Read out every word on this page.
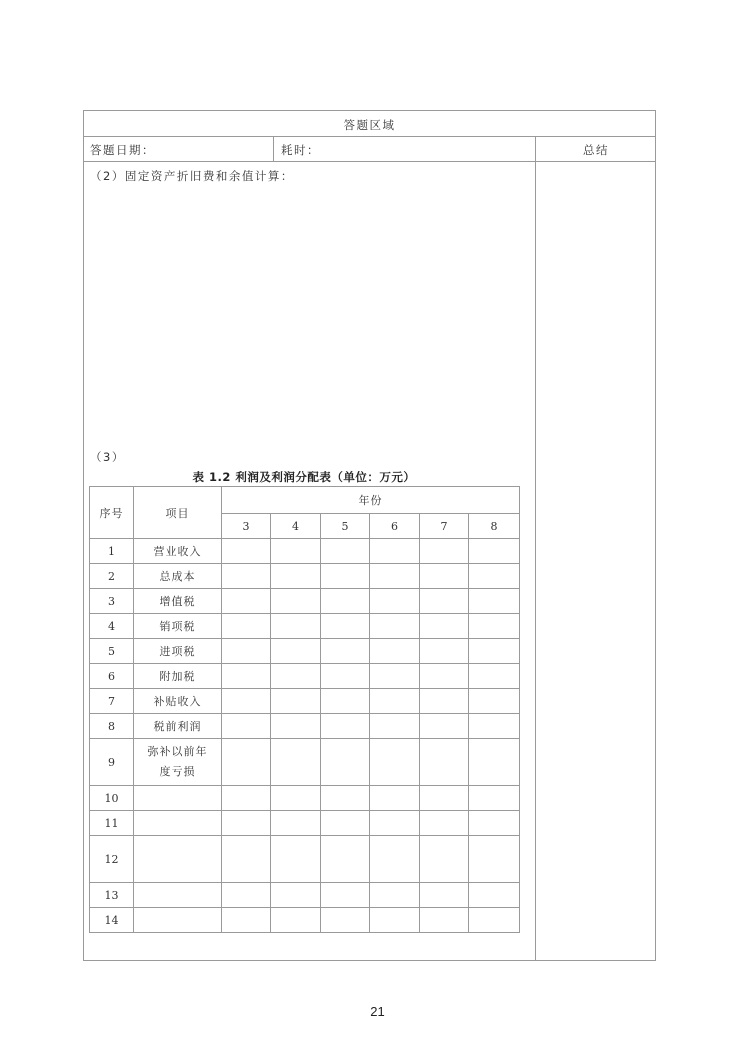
答题区域
答题日期：	耗时：	总结
（2）固定资产折旧费和余值计算：
（3）
表 1.2 利润及利润分配表（单位：万元）
序号	项目	年份					
		3	4	5	6	7	8
1	营业收入						
2	总成本						
3	增值税						
4	销项税						
5	进项税						
6	附加税						
7	补贴收入						
8	税前利润						
9	弥补以前年
度亏损						

10							
11							
12							
13							
14							
21
